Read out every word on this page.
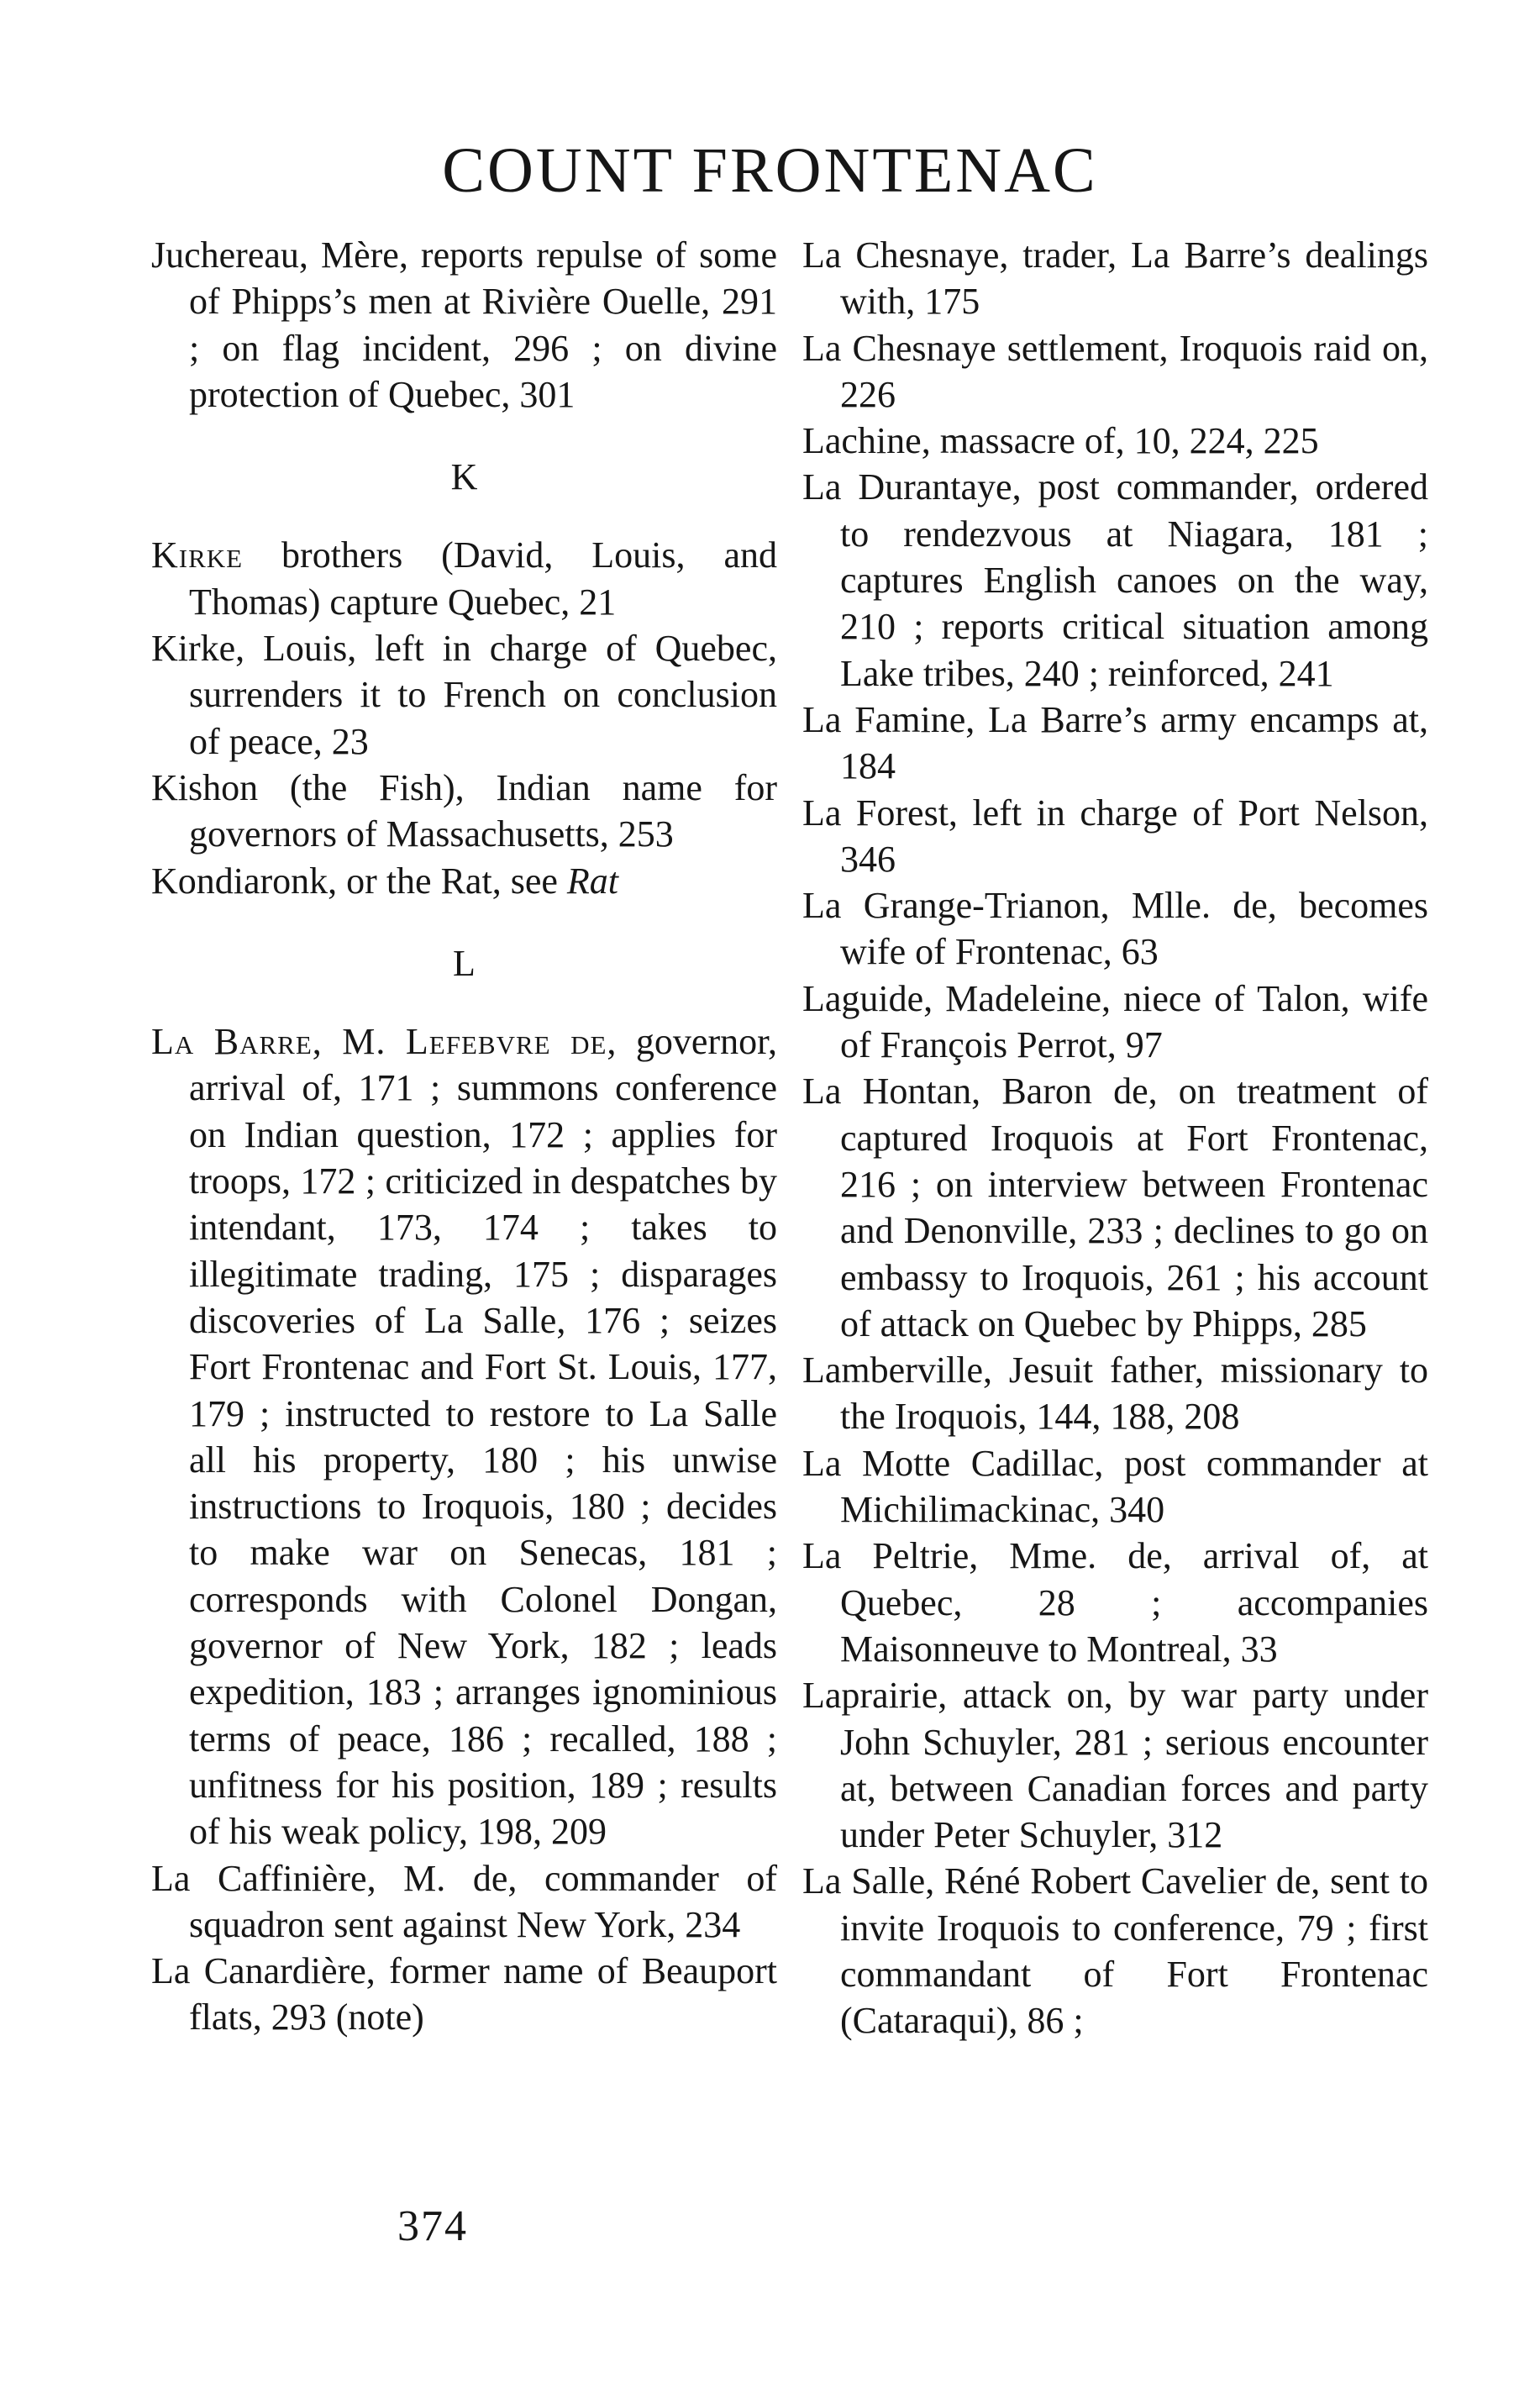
COUNT FRONTENAC

Juchereau, Mère, reports repulse of some of Phipps’s men at Rivière Ouelle, 291 ; on flag incident, 296 ; on divine protection of Quebec, 301

K

Kirke brothers (David, Louis, and Thomas) capture Quebec, 21

Kirke, Louis, left in charge of Quebec, surrenders it to French on conclusion of peace, 23

Kishon (the Fish), Indian name for governors of Massachusetts, 253

Kondiaronk, or the Rat, see Rat

L

La Barre, M. Lefebvre de, governor, arrival of, 171 ; summons conference on Indian question, 172 ; applies for troops, 172 ; criticized in despatches by intendant, 173, 174 ; takes to illegitimate trading, 175 ; disparages discoveries of La Salle, 176 ; seizes Fort Frontenac and Fort St. Louis, 177, 179 ; instructed to restore to La Salle all his property, 180 ; his unwise instructions to Iroquois, 180 ; decides to make war on Senecas, 181 ; corresponds with Colonel Dongan, governor of New York, 182 ; leads expedition, 183 ; arranges ignominious terms of peace, 186 ; recalled, 188 ; unfitness for his position, 189 ; results of his weak policy, 198, 209

La Caffinière, M. de, commander of squadron sent against New York, 234

La Canardière, former name of Beauport flats, 293 (note)

La Chesnaye, trader, La Barre’s dealings with, 175

La Chesnaye settlement, Iroquois raid on, 226

Lachine, massacre of, 10, 224, 225

La Durantaye, post commander, ordered to rendezvous at Niagara, 181 ; captures English canoes on the way, 210 ; reports critical situation among Lake tribes, 240 ; reinforced, 241

La Famine, La Barre’s army encamps at, 184

La Forest, left in charge of Port Nelson, 346

La Grange-Trianon, Mlle. de, becomes wife of Frontenac, 63

Laguide, Madeleine, niece of Talon, wife of François Perrot, 97

La Hontan, Baron de, on treatment of captured Iroquois at Fort Frontenac, 216 ; on interview between Frontenac and Denonville, 233 ; declines to go on embassy to Iroquois, 261 ; his account of attack on Quebec by Phipps, 285

Lamberville, Jesuit father, missionary to the Iroquois, 144, 188, 208

La Motte Cadillac, post commander at Michilimackinac, 340

La Peltrie, Mme. de, arrival of, at Quebec, 28 ; accompanies Maisonneuve to Montreal, 33

Laprairie, attack on, by war party under John Schuyler, 281 ; serious encounter at, between Canadian forces and party under Peter Schuyler, 312

La Salle, Réné Robert Cavelier de, sent to invite Iroquois to conference, 79 ; first commandant of Fort Frontenac (Cataraqui), 86 ;

374
